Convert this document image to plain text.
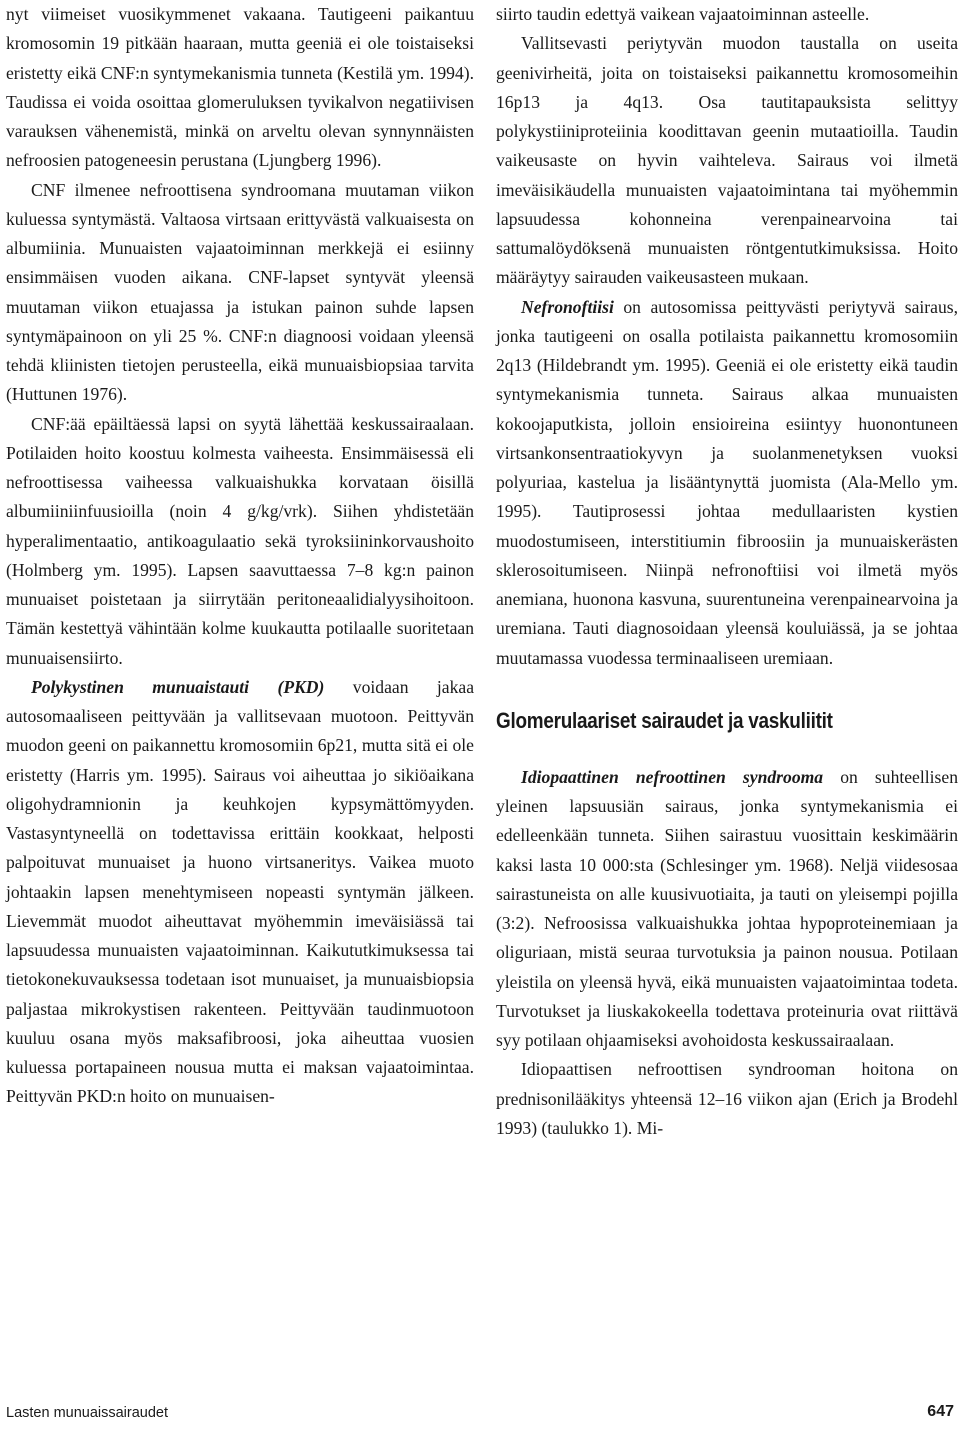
nyt viimeiset vuosikymmenet vakaana. Tautigeeni paikantuu kromosomin 19 pitkään haaraan, mutta geeniä ei ole toistaiseksi eristetty eikä CNF:n syntymekanismia tunneta (Kestilä ym. 1994). Taudissa ei voida osoittaa glomeruluksen tyvikalvon negatiivisen varauksen vähenemistä, minkä on arveltu olevan synnynnäisten nefroosien patogeneesin perustana (Ljungberg 1996).

CNF ilmenee nefroottisena syndroomana muutaman viikon kuluessa syntymästä. Valtaosa virtsaan erittyvästä valkuaisesta on albumiinia. Munuaisten vajaatoiminnan merkkejä ei esiinny ensimmäisen vuoden aikana. CNF-lapset syntyvät yleensä muutaman viikon etuajassa ja istukan painon suhde lapsen syntymäpainoon on yli 25 %. CNF:n diagnoosi voidaan yleensä tehdä kliinisten tietojen perusteella, eikä munuaisbiopsiaa tarvita (Huttunen 1976).

CNF:ää epäiltäessä lapsi on syytä lähettää keskussairaalaan. Potilaiden hoito koostuu kolmesta vaiheesta. Ensimmäisessä eli nefroottisessa vaiheessa valkuaishukka korvataan öisillä albumiiniinfuusioilla (noin 4 g/kg/vrk). Siihen yhdistetään hyperalimentaatio, antikoagulaatio sekä tyroksiininkorvaushoito (Holmberg ym. 1995). Lapsen saavuttaessa 7–8 kg:n painon munuaiset poistetaan ja siirrytään peritoneaalidialyysihoitoon. Tämän kestettyä vähintään kolme kuukautta potilaalle suoritetaan munuaisensiirto.

Polykystinen munuaistauti (PKD) voidaan jakaa autosomaaliseen peittyvään ja vallitsevaan muotoon. Peittyvän muodon geeni on paikannettu kromosomiin 6p21, mutta sitä ei ole eristetty (Harris ym. 1995). Sairaus voi aiheuttaa jo sikiöaikana oligohydramnionin ja keuhkojen kypsymättömyyden. Vastasyntyneellä on todettavissa erittäin kookkaat, helposti palpoituvat munuaiset ja huono virtsaneritys. Vaikea muoto johtaakin lapsen menehtymiseen nopeasti syntymän jälkeen. Lievemmät muodot aiheuttavat myöhemmin imeväisiässä tai lapsuudessa munuaisten vajaatoiminnan. Kaikututkimuksessa tai tietokonekuvauksessa todetaan isot munuaiset, ja munuaisbiopsia paljastaa mikrokystisen rakenteen. Peittyvään taudinmuotoon kuuluu osana myös maksafibroosi, joka aiheuttaa vuosien kuluessa portapaineen nousua mutta ei maksan vajaatoimintaa. Peittyvän PKD:n hoito on munuaisen-

siirto taudin edettyä vaikean vajaatoiminnan asteelle.

Vallitsevasti periytyvän muodon taustalla on useita geenivirheitä, joita on toistaiseksi paikannettu kromosomeihin 16p13 ja 4q13. Osa tautitapauksista selittyy polykystiiniproteiinia koodittavan geenin mutaatioilla. Taudin vaikeusaste on hyvin vaihteleva. Sairaus voi ilmetä imeväisikäudella munuaisten vajaatoimintana tai myöhemmin lapsuudessa kohonneina verenpainearvoina tai sattumalöydöksenä munuaisten röntgentutkimuksissa. Hoito määräytyy sairauden vaikeusasteen mukaan.

Nefronoftiisi on autosomissa peittyvästi periytyvä sairaus, jonka tautigeeni on osalla potilaista paikannettu kromosomiin 2q13 (Hildebrandt ym. 1995). Geeniä ei ole eristetty eikä taudin syntymekanismia tunneta. Sairaus alkaa munuaisten kokoojaputkista, jolloin ensioireina esiintyy huonontuneen virtsankonsentraatiokyvyn ja suolanmenetyksen vuoksi polyuriaa, kastelua ja lisääntynyttä juomista (Ala-Mello ym. 1995). Tautiprosessi johtaa medullaaristen kystien muodostumiseen, interstitiumin fibroosiin ja munuaiskerästen sklerosoitumiseen. Niinpä nefronoftiisi voi ilmetä myös anemiana, huonona kasvuna, suurentuneina verenpainearvoina ja uremiana. Tauti diagnosoidaan yleensä kouluiässä, ja se johtaa muutamassa vuodessa terminaaliseen uremiaan.

Glomerulaariset sairaudet ja vaskuliitit

Idiopaattinen nefroottinen syndrooma on suhteellisen yleinen lapsuusiän sairaus, jonka syntymekanismia ei edelleenkään tunneta. Siihen sairastuu vuosittain keskimäärin kaksi lasta 10 000:sta (Schlesinger ym. 1968). Neljä viidesosaa sairastuneista on alle kuusivuotiaita, ja tauti on yleisempi pojilla (3:2). Nefroosissa valkuaishukka johtaa hypoproteinemiaan ja oliguriaan, mistä seuraa turvotuksia ja painon nousua. Potilaan yleistila on yleensä hyvä, eikä munuaisten vajaatoimintaa todeta. Turvotukset ja liuskakokeella todettava proteinuria ovat riittävä syy potilaan ohjaamiseksi avohoidosta keskussairaalaan.

Idiopaattisen nefroottisen syndrooman hoitona on prednisonilääkitys yhteensä 12–16 viikon ajan (Erich ja Brodehl 1993) (taulukko 1). Mi-

Lasten munuaissairaudet	647
